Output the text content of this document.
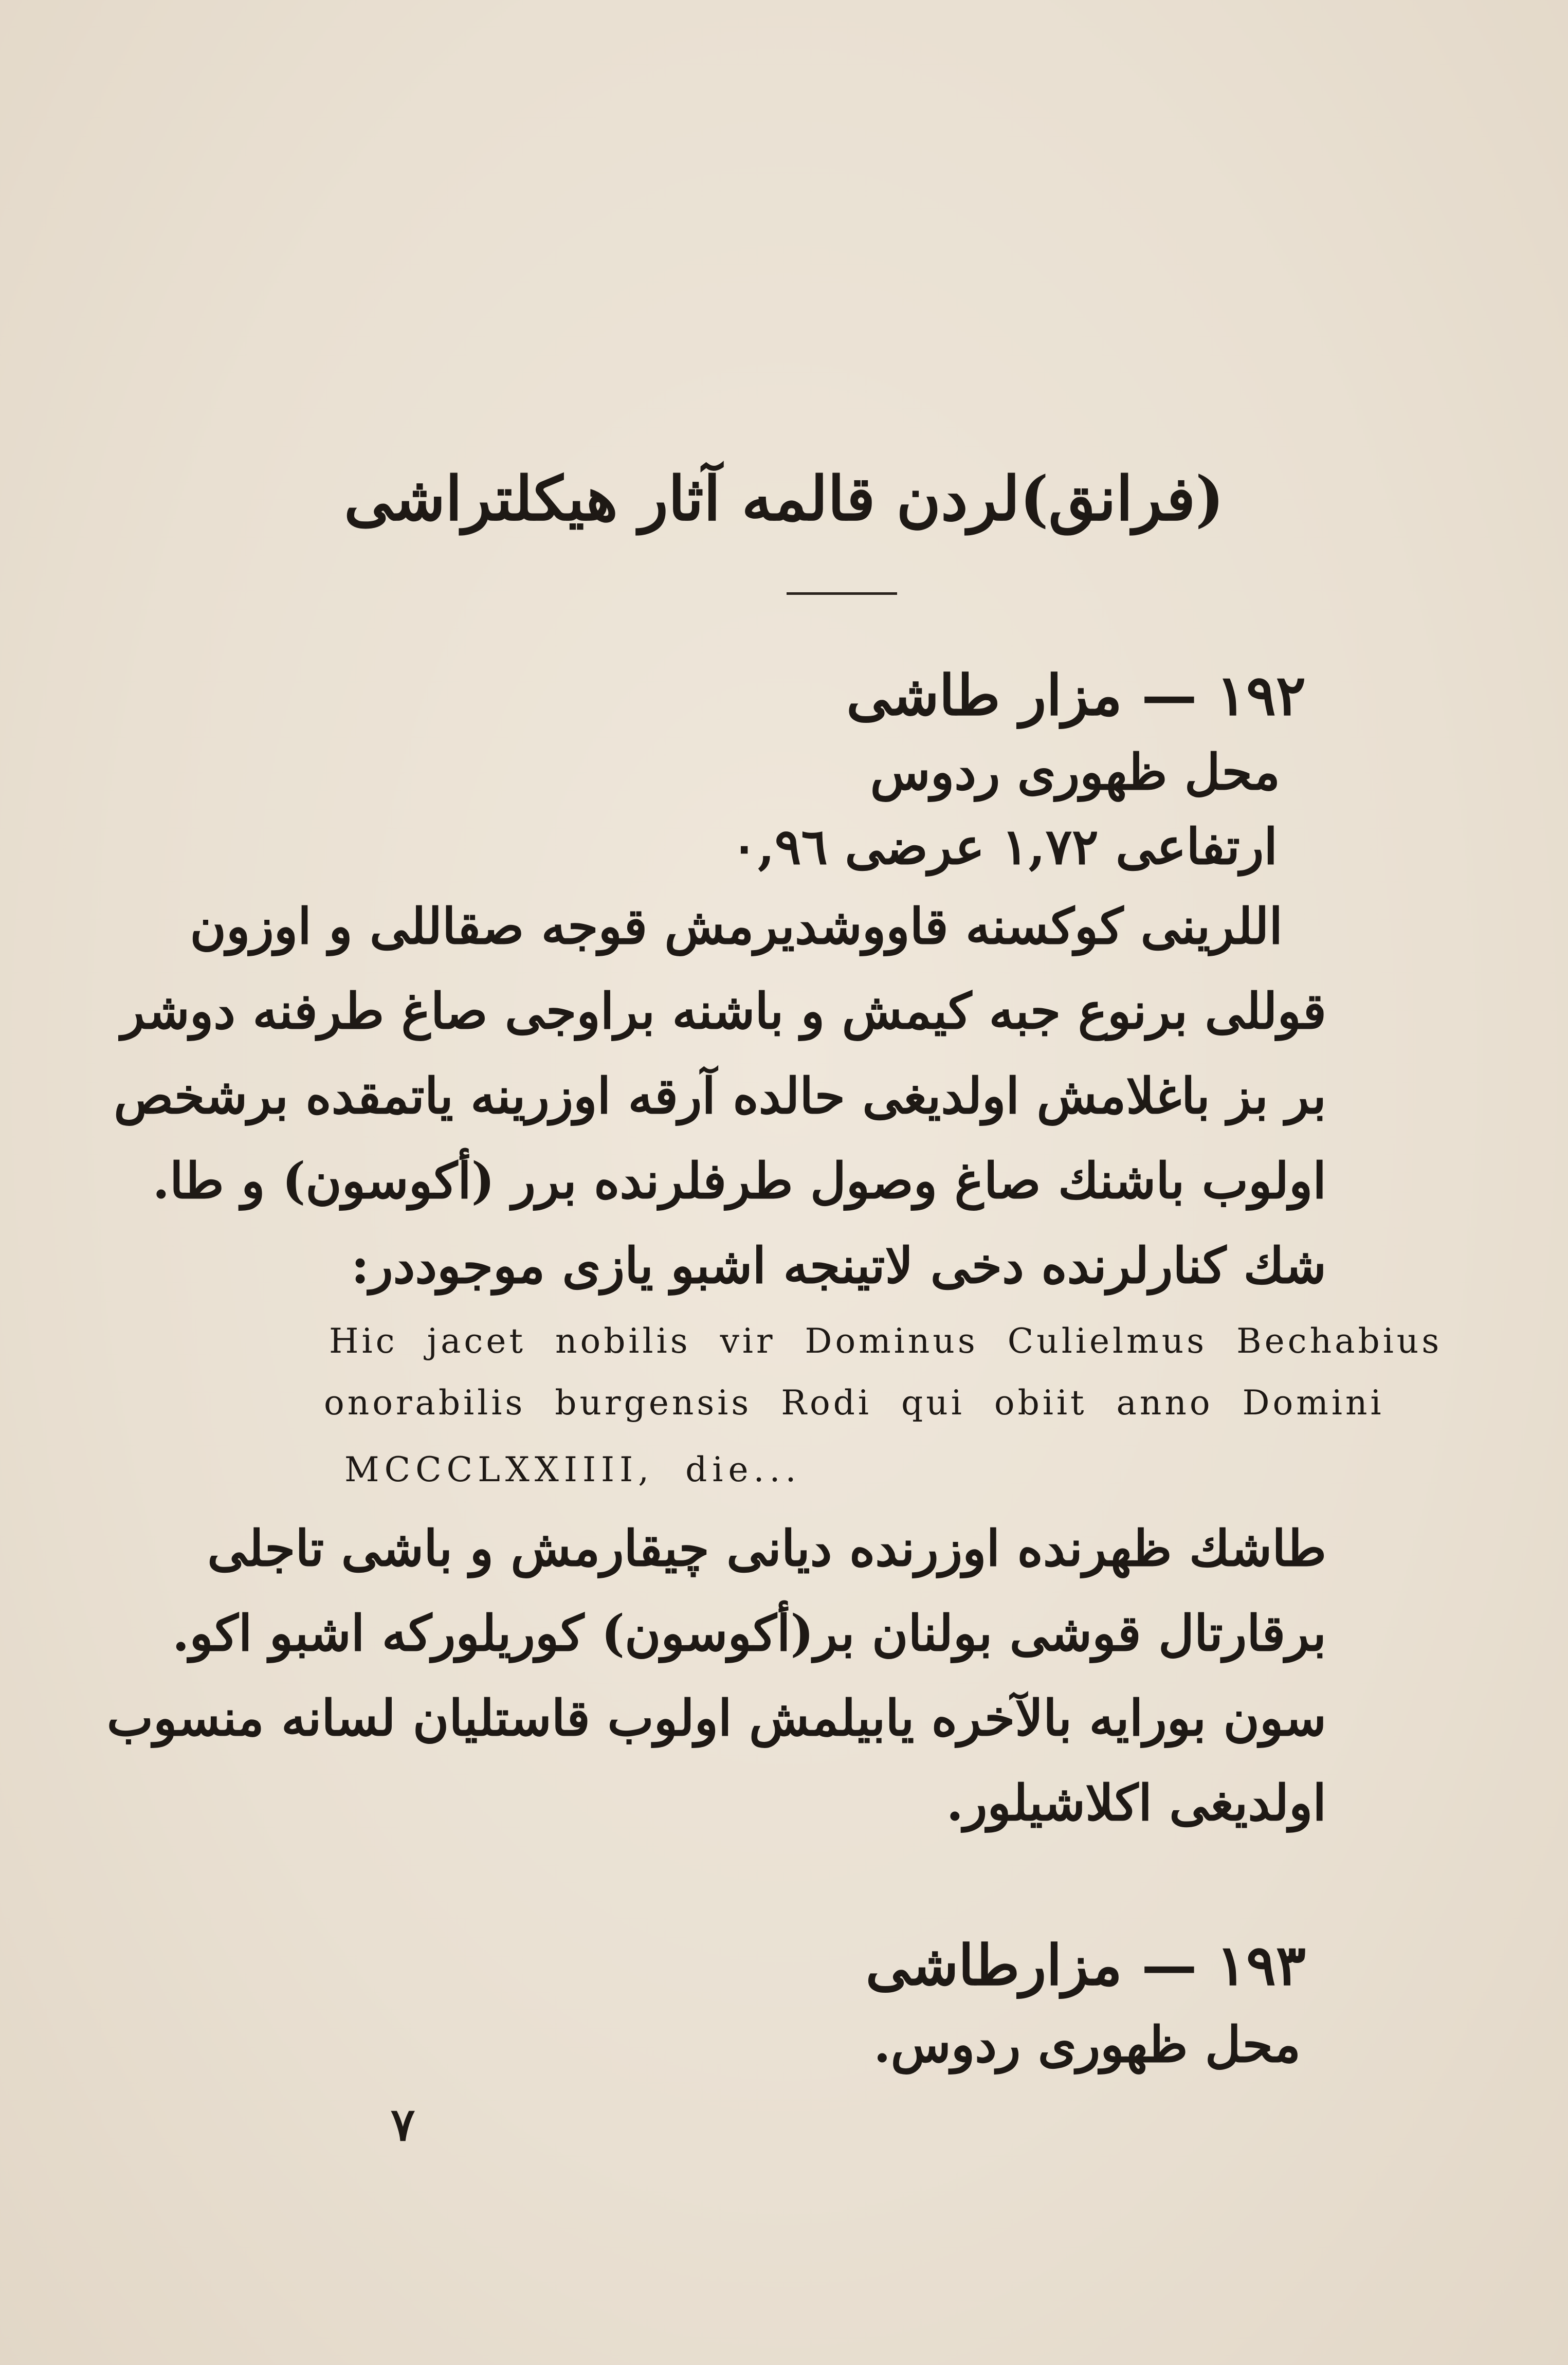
(فرانق)لردن قالمه آثار هيكلتراشى
١٩٢ — مزار طاشى
محل ظهورى ردوس
ارتفاعى ١,٧٢ عرضى ٠,٩٦
اللرينى كوكسنه قاووشديرمش قوجه صقاللى و اوزون
قوللى برنوع جبه كيمش و باشنه براوجى صاغ طرفنه دوشر
بر بز باغلامش اولديغى حالده آرقه اوزرينه ياتمقده برشخص
اولوب باشنك صاغ وصول طرفلرنده برر (أكوسون) و طا.
شك كنارلرنده دخى لاتينجه اشبو يازى موجوددر:
Hic jacet nobilis vir Dominus Culielmus Bechabius
onorabilis burgensis Rodi qui obiit anno Domini
MCCCLXXIIII, die...
طاشك ظهرنده اوزرنده ديانى چيقارمش و باشى تاجلى
برقارتال قوشى بولنان بر(أكوسون) كوريلوركه اشبو اكو.
سون بورايه بالآخره يابيلمش اولوب قاستليان لسانه منسوب
اولديغى اكلاشيلور.
١٩٣ — مزارطاشى
محل ظهورى ردوس.
٧
